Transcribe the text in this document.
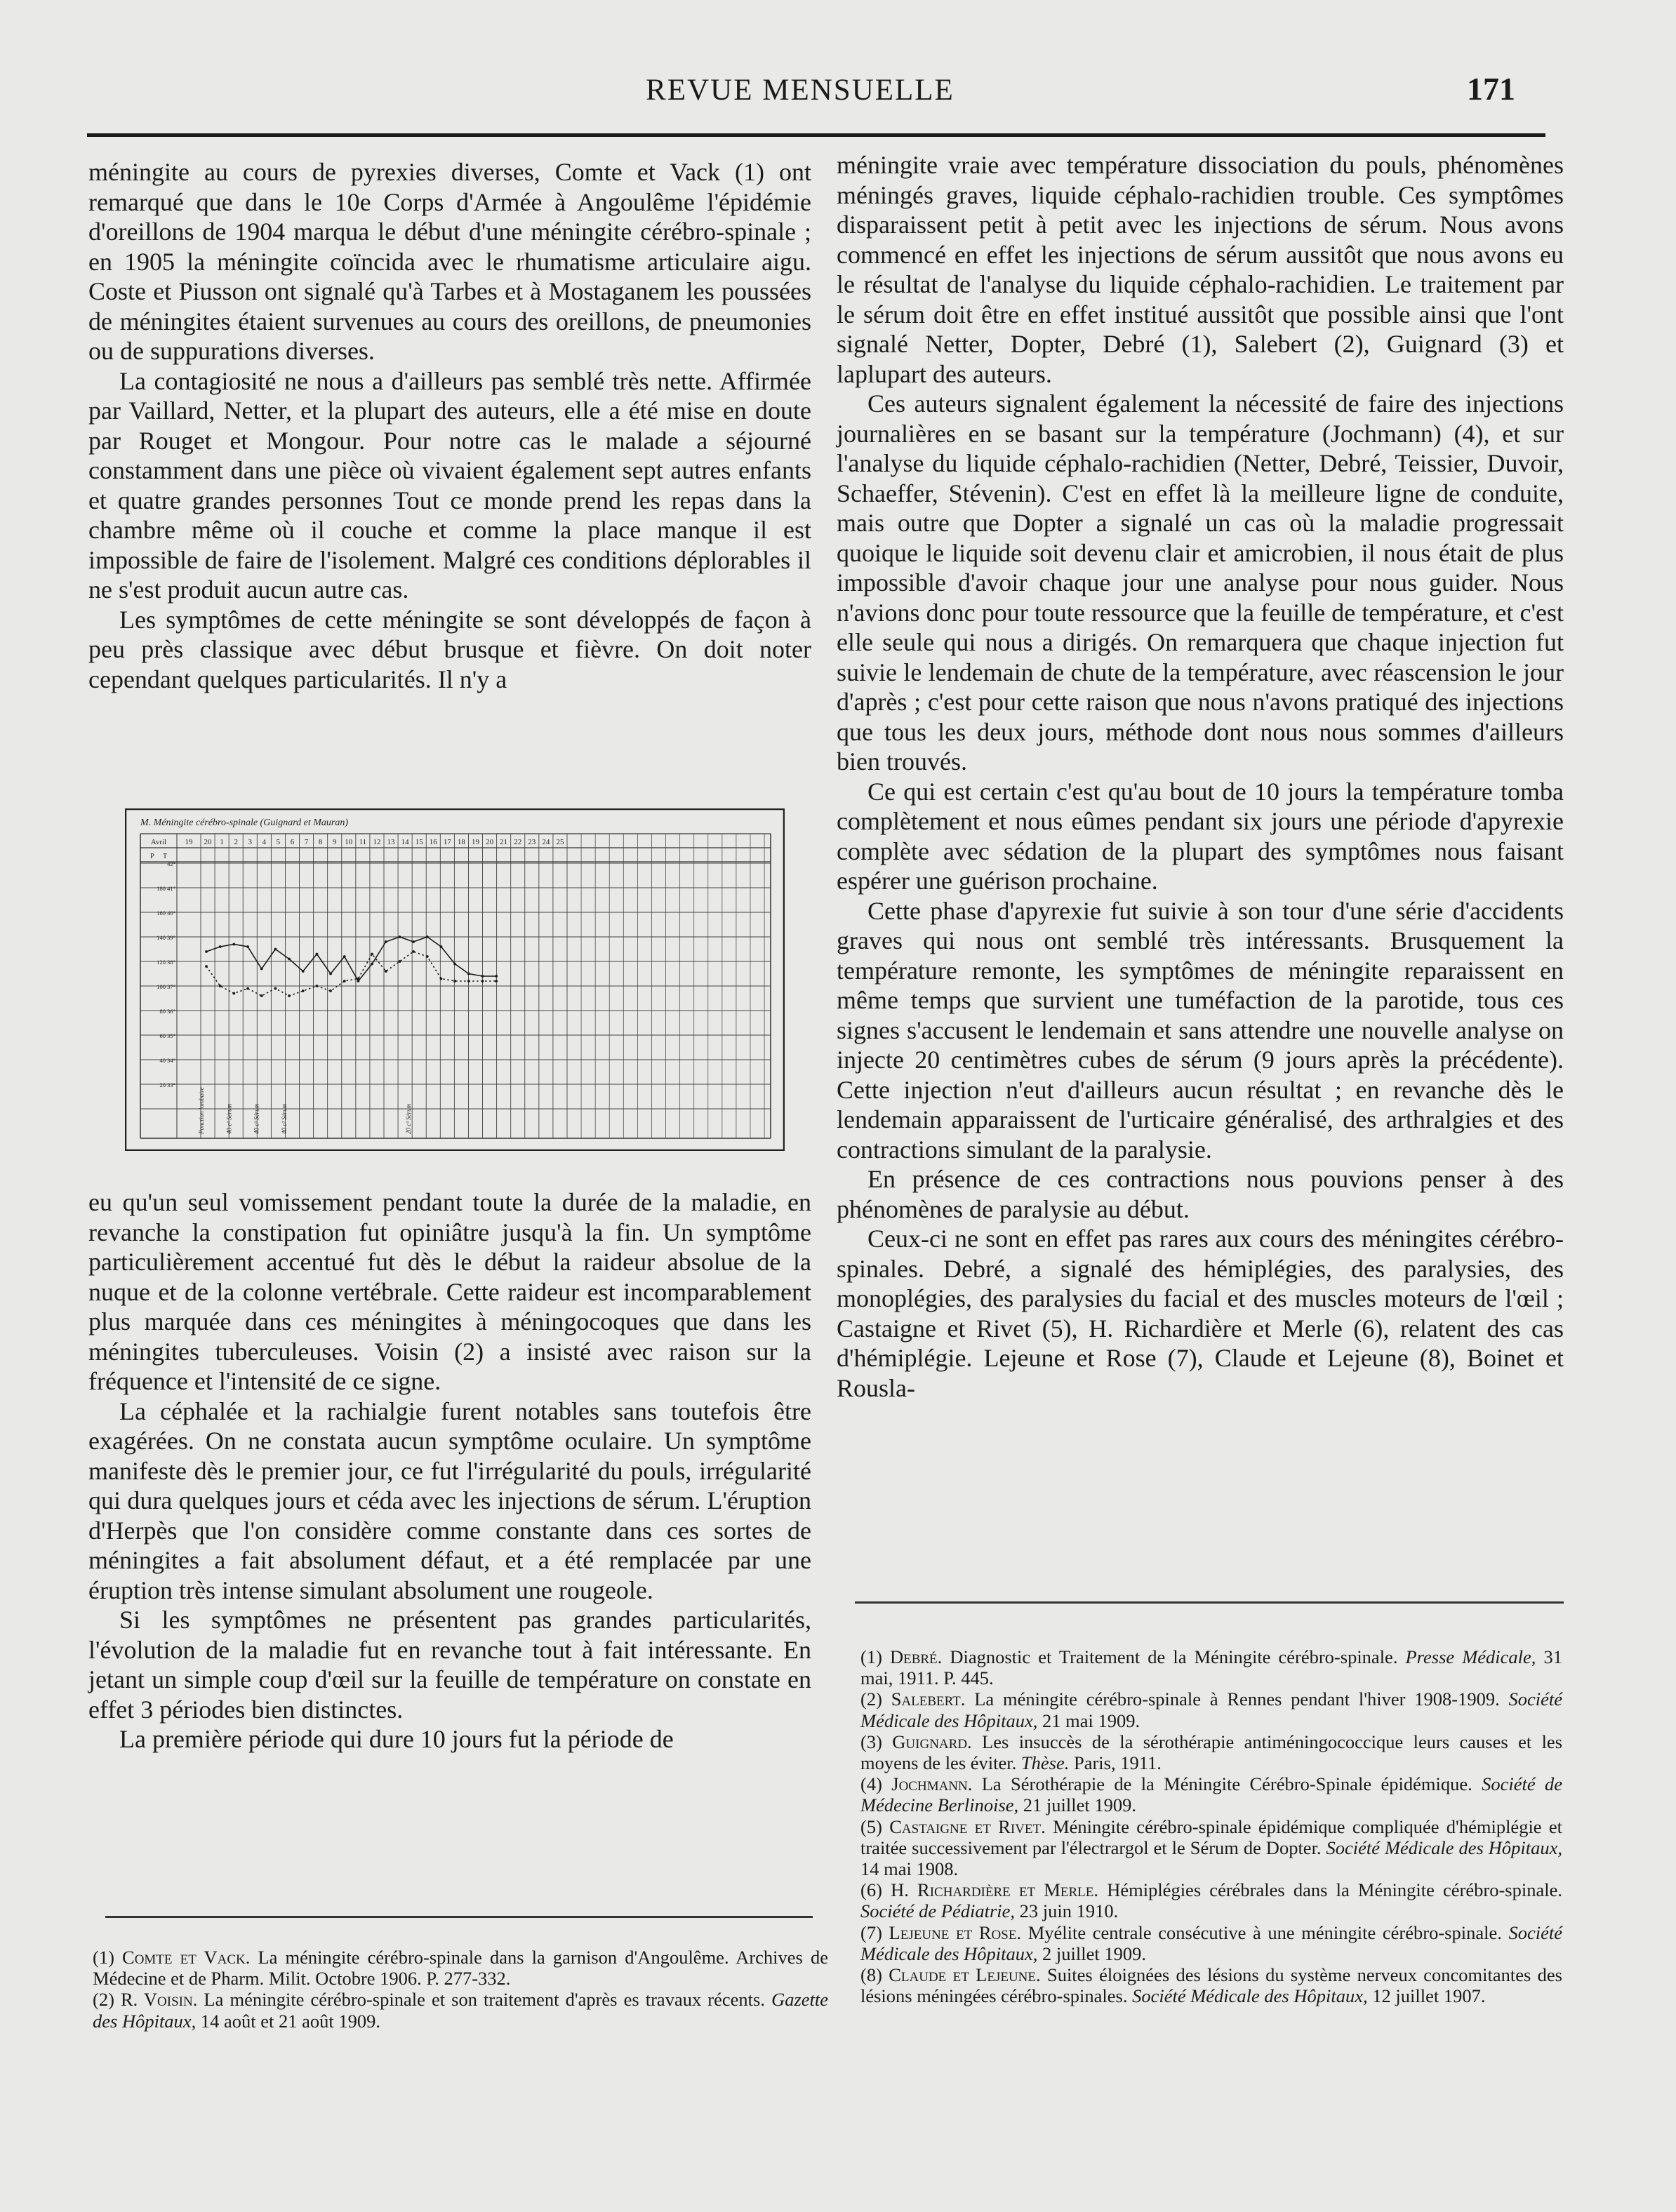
REVUE MENSUELLE	171

méningite au cours de pyrexies diverses, Comte et Vack (1) ont remarqué que dans le 10e Corps d'Armée à Angoulême l'épidémie d'oreillons de 1904 marqua le début d'une méningite cérébro-spinale ; en 1905 la méningite coïncida avec le rhumatisme articulaire aigu. Coste et Piusson ont signalé qu'à Tarbes et à Mostaganem les poussées de méningites étaient survenues au cours des oreillons, de pneumonies ou de suppurations diverses.

La contagiosité ne nous a d'ailleurs pas semblé très nette. Affirmée par Vaillard, Netter, et la plupart des auteurs, elle a été mise en doute par Rouget et Mongour. Pour notre cas le malade a séjourné constamment dans une pièce où vivaient également sept autres enfants et quatre grandes personnes Tout ce monde prend les repas dans la chambre même où il couche et comme la place manque il est impossible de faire de l'isolement. Malgré ces conditions déplorables il ne s'est produit aucun autre cas.

Les symptômes de cette méningite se sont développés de façon à peu près classique avec début brusque et fièvre. On doit noter cependant quelques particularités. Il n'y a

M. Méningite cérébro-spinale (Guignard et Mauran)
Avril 19 20 1 2 3 4 5 6 7 8 9 10 11 12 13 14 15 16 17 18 19 20 21 22 23 24 25
P T
42°
180 41°
160 40°
140 39°
120 38°
100 37°
80 36°
60 35°
40 34°
20 33°
Ponction lombaire	40 c³ Sérum	40 c³ Sérum	40 c³ Sérum	20 c³ Sérum

eu qu'un seul vomissement pendant toute la durée de la maladie, en revanche la constipation fut opiniâtre jusqu'à la fin. Un symptôme particulièrement accentué fut dès le début la raideur absolue de la nuque et de la colonne vertébrale. Cette raideur est incomparablement plus marquée dans ces méningites à méningocoques que dans les méningites tuberculeuses. Voisin (2) a insisté avec raison sur la fréquence et l'intensité de ce signe.

La céphalée et la rachialgie furent notables sans toutefois être exagérées. On ne constata aucun symptôme oculaire. Un symptôme manifeste dès le premier jour, ce fut l'irrégularité du pouls, irrégularité qui dura quelques jours et céda avec les injections de sérum. L'éruption d'Herpès que l'on considère comme constante dans ces sortes de méningites a fait absolument défaut, et a été remplacée par une éruption très intense simulant absolument une rougeole.

Si les symptômes ne présentent pas grandes particularités, l'évolution de la maladie fut en revanche tout à fait intéressante. En jetant un simple coup d'œil sur la feuille de température on constate en effet 3 périodes bien distinctes.

La première période qui dure 10 jours fut la période de

(1) Comte et Vack. La méningite cérébro-spinale dans la garnison d'Angoulême. Archives de Médecine et de Pharm. Milit. Octobre 1906. P. 277-332.

(2) R. Voisin. La méningite cérébro-spinale et son traitement d'après es travaux récents. Gazette des Hôpitaux, 14 août et 21 août 1909.

méningite vraie avec température dissociation du pouls, phénomènes méningés graves, liquide céphalo-rachidien trouble. Ces symptômes disparaissent petit à petit avec les injections de sérum. Nous avons commencé en effet les injections de sérum aussitôt que nous avons eu le résultat de l'analyse du liquide céphalo-rachidien. Le traitement par le sérum doit être en effet institué aussitôt que possible ainsi que l'ont signalé Netter, Dopter, Debré (1), Salebert (2), Guignard (3) et laplupart des auteurs.

Ces auteurs signalent également la nécessité de faire des injections journalières en se basant sur la température (Jochmann) (4), et sur l'analyse du liquide céphalo-rachidien (Netter, Debré, Teissier, Duvoir, Schaeffer, Stévenin). C'est en effet là la meilleure ligne de conduite, mais outre que Dopter a signalé un cas où la maladie progressait quoique le liquide soit devenu clair et amicrobien, il nous était de plus impossible d'avoir chaque jour une analyse pour nous guider. Nous n'avions donc pour toute ressource que la feuille de température, et c'est elle seule qui nous a dirigés. On remarquera que chaque injection fut suivie le lendemain de chute de la température, avec réascension le jour d'après ; c'est pour cette raison que nous n'avons pratiqué des injections que tous les deux jours, méthode dont nous nous sommes d'ailleurs bien trouvés.

Ce qui est certain c'est qu'au bout de 10 jours la température tomba complètement et nous eûmes pendant six jours une période d'apyrexie complète avec sédation de la plupart des symptômes nous faisant espérer une guérison prochaine.

Cette phase d'apyrexie fut suivie à son tour d'une série d'accidents graves qui nous ont semblé très intéressants. Brusquement la température remonte, les symptômes de méningite reparaissent en même temps que survient une tuméfaction de la parotide, tous ces signes s'accusent le lendemain et sans attendre une nouvelle analyse on injecte 20 centimètres cubes de sérum (9 jours après la précédente). Cette injection n'eut d'ailleurs aucun résultat ; en revanche dès le lendemain apparaissent de l'urticaire généralisé, des arthralgies et des contractions simulant de la paralysie.

En présence de ces contractions nous pouvions penser à des phénomènes de paralysie au début.

Ceux-ci ne sont en effet pas rares aux cours des méningites cérébro-spinales. Debré, a signalé des hémiplégies, des paralysies, des monoplégies, des paralysies du facial et des muscles moteurs de l'œil ; Castaigne et Rivet (5), H. Richardière et Merle (6), relatent des cas d'hémiplégie. Lejeune et Rose (7), Claude et Lejeune (8), Boinet et Rousla-

(1) Debré. Diagnostic et Traitement de la Méningite cérébro-spinale. Presse Médicale, 31 mai, 1911. P. 445.

(2) Salebert. La méningite cérébro-spinale à Rennes pendant l'hiver 1908-1909. Société Médicale des Hôpitaux, 21 mai 1909.

(3) Guignard. Les insuccès de la sérothérapie antiméningococcique leurs causes et les moyens de les éviter. Thèse. Paris, 1911.

(4) Jochmann. La Sérothérapie de la Méningite Cérébro-Spinale épidémique. Société de Médecine Berlinoise, 21 juillet 1909.

(5) Castaigne et Rivet. Méningite cérébro-spinale épidémique compliquée d'hémiplégie et traitée successivement par l'électrargol et le Sérum de Dopter. Société Médicale des Hôpitaux, 14 mai 1908.

(6) H. Richardière et Merle. Hémiplégies cérébrales dans la Méningite cérébro-spinale. Société de Pédiatrie, 23 juin 1910.

(7) Lejeune et Rose. Myélite centrale consécutive à une méningite cérébro-spinale. Société Médicale des Hôpitaux, 2 juillet 1909.

(8) Claude et Lejeune. Suites éloignées des lésions du système nerveux concomitantes des lésions méningées cérébro-spinales. Société Médicale des Hôpitaux, 12 juillet 1907.
